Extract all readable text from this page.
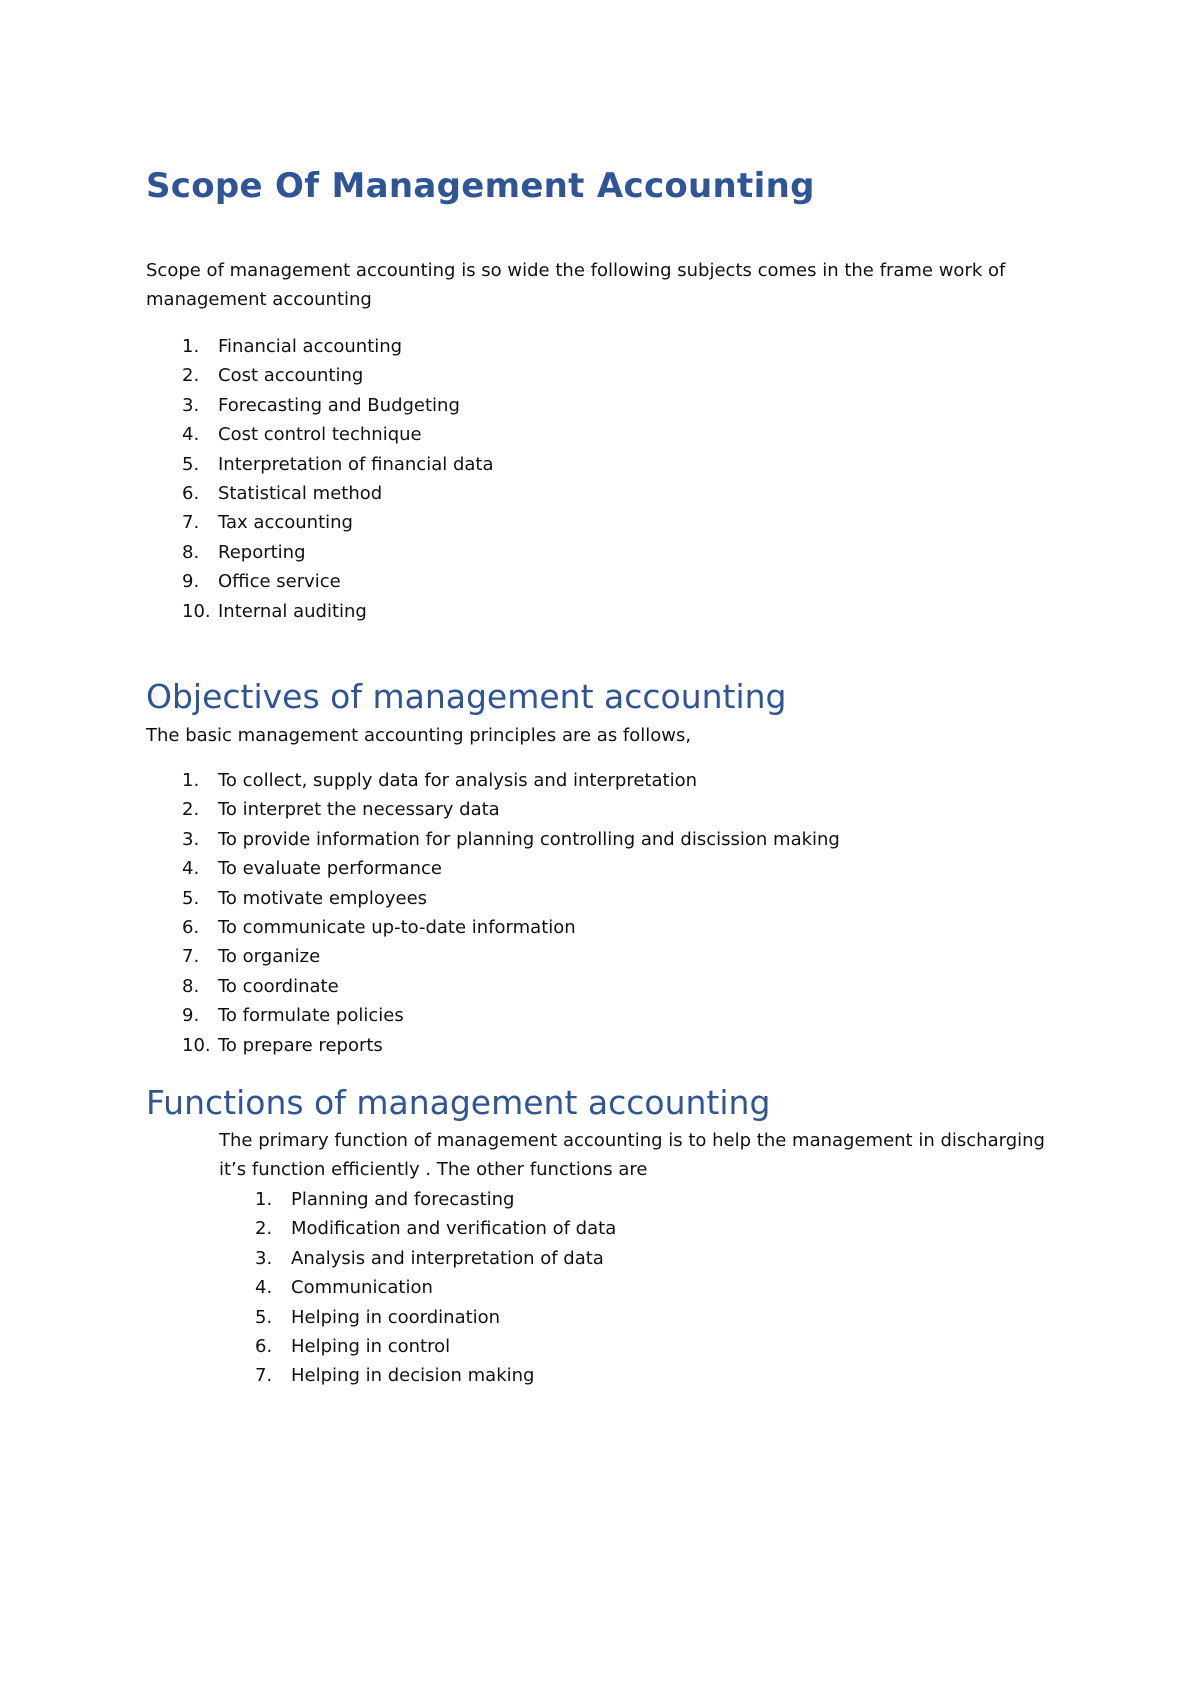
Scope Of Management Accounting

Scope of management accounting is so wide the following subjects comes in the frame work of
management accounting

1.	Financial accounting
2.	Cost accounting
3.	Forecasting and Budgeting
4.	Cost control technique
5.	Interpretation of financial data
6.	Statistical method
7.	Tax accounting
8.	Reporting
9.	Office service
10. Internal auditing
Objectives of management accounting

The basic management accounting principles are as follows,

1.	To collect, supply data for analysis and interpretation
2.	To interpret the necessary data
3.	To provide information for planning controlling and discission making
4.	To evaluate performance
5.	To motivate employees
6.	To communicate up-to-date information
7.	To organize
8.	To coordinate
9.	To formulate policies
10. To prepare reports
Functions of management accounting

The primary function of management accounting is to help the management in discharging
it’s function efficiently . The other functions are

1.	Planning and forecasting
2.	Modification and verification of data
3.	Analysis and interpretation of data
4.	Communication
5.	Helping in coordination
6.	Helping in control
7.	Helping in decision making
